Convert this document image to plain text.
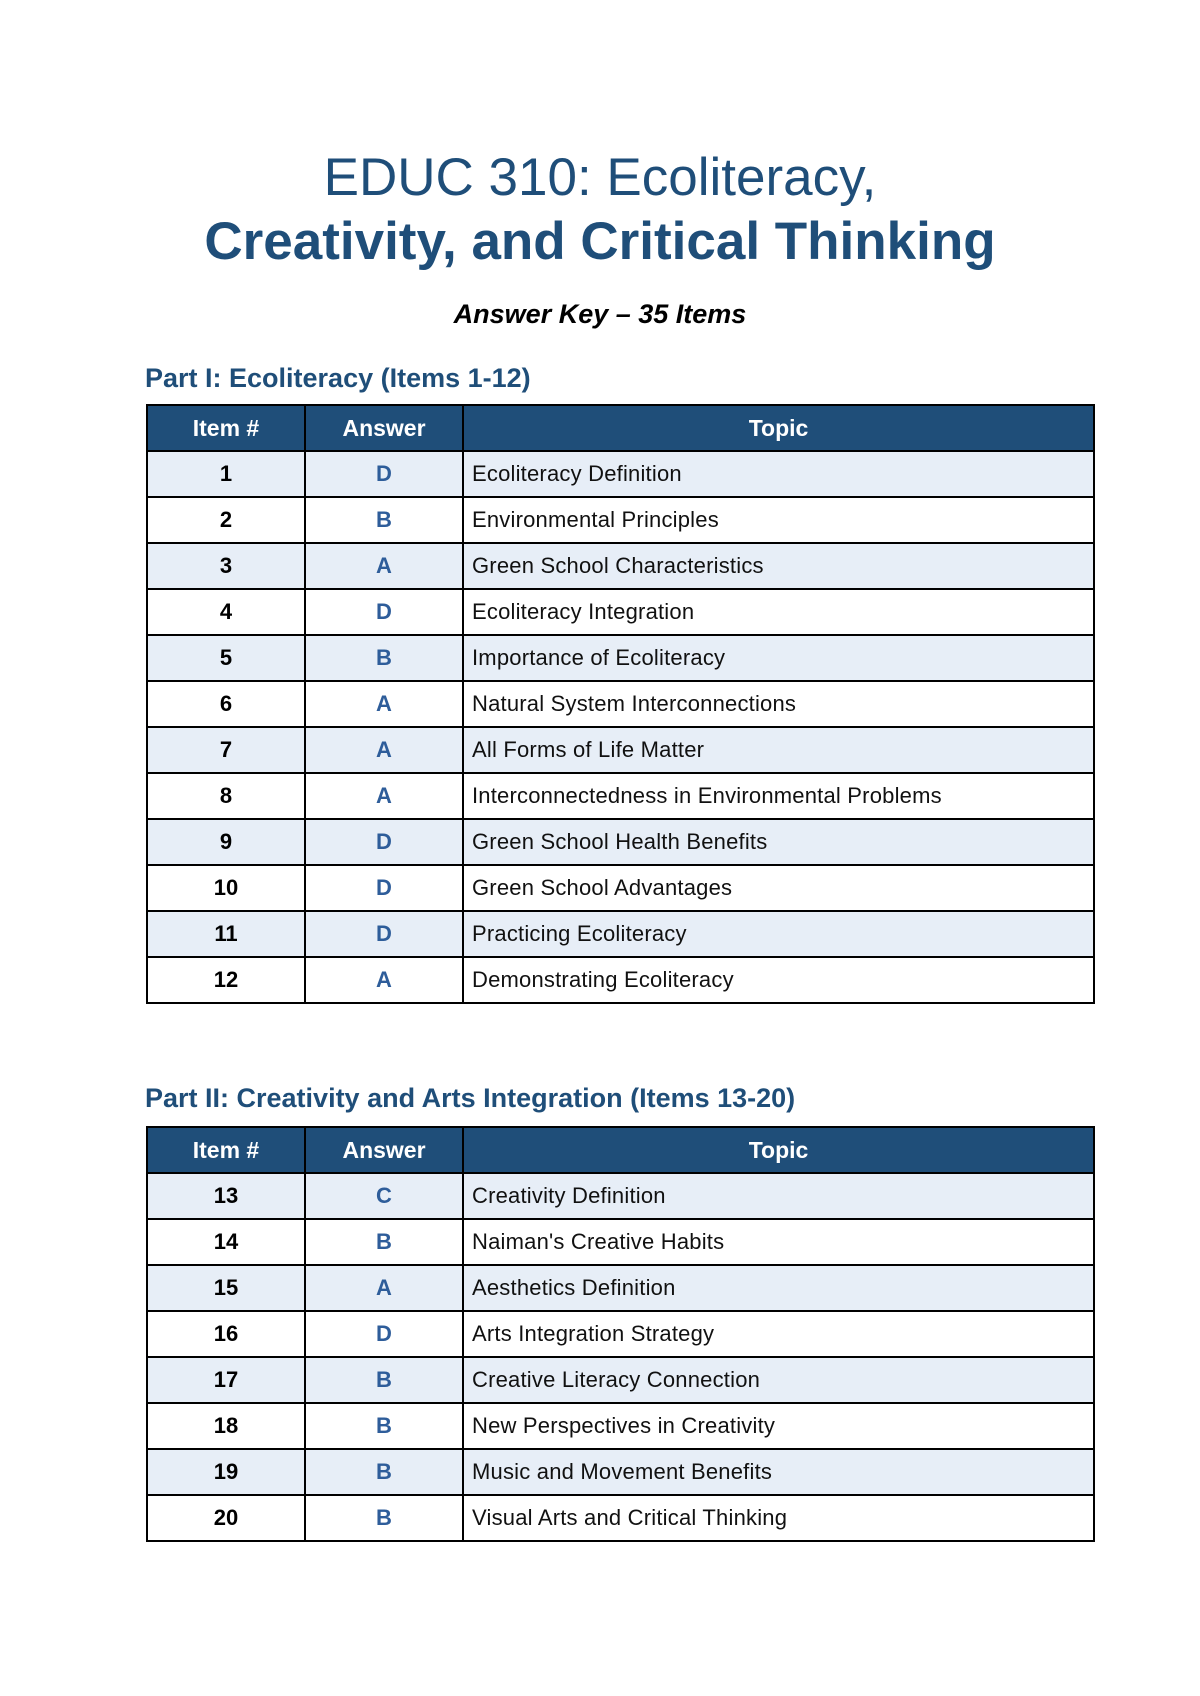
EDUC 310: Ecoliteracy,
Creativity, and Critical Thinking

Answer Key – 35 Items

Part I: Ecoliteracy (Items 1-12)
Item #	Answer	Topic
1	D	Ecoliteracy Definition
2	B	Environmental Principles
3	A	Green School Characteristics
4	D	Ecoliteracy Integration
5	B	Importance of Ecoliteracy
6	A	Natural System Interconnections
7	A	All Forms of Life Matter
8	A	Interconnectedness in Environmental Problems
9	D	Green School Health Benefits
10	D	Green School Advantages
11	D	Practicing Ecoliteracy
12	A	Demonstrating Ecoliteracy
Part II: Creativity and Arts Integration (Items 13-20)
Item #	Answer	Topic
13	C	Creativity Definition
14	B	Naiman's Creative Habits
15	A	Aesthetics Definition
16	D	Arts Integration Strategy
17	B	Creative Literacy Connection
18	B	New Perspectives in Creativity
19	B	Music and Movement Benefits
20	B	Visual Arts and Critical Thinking
